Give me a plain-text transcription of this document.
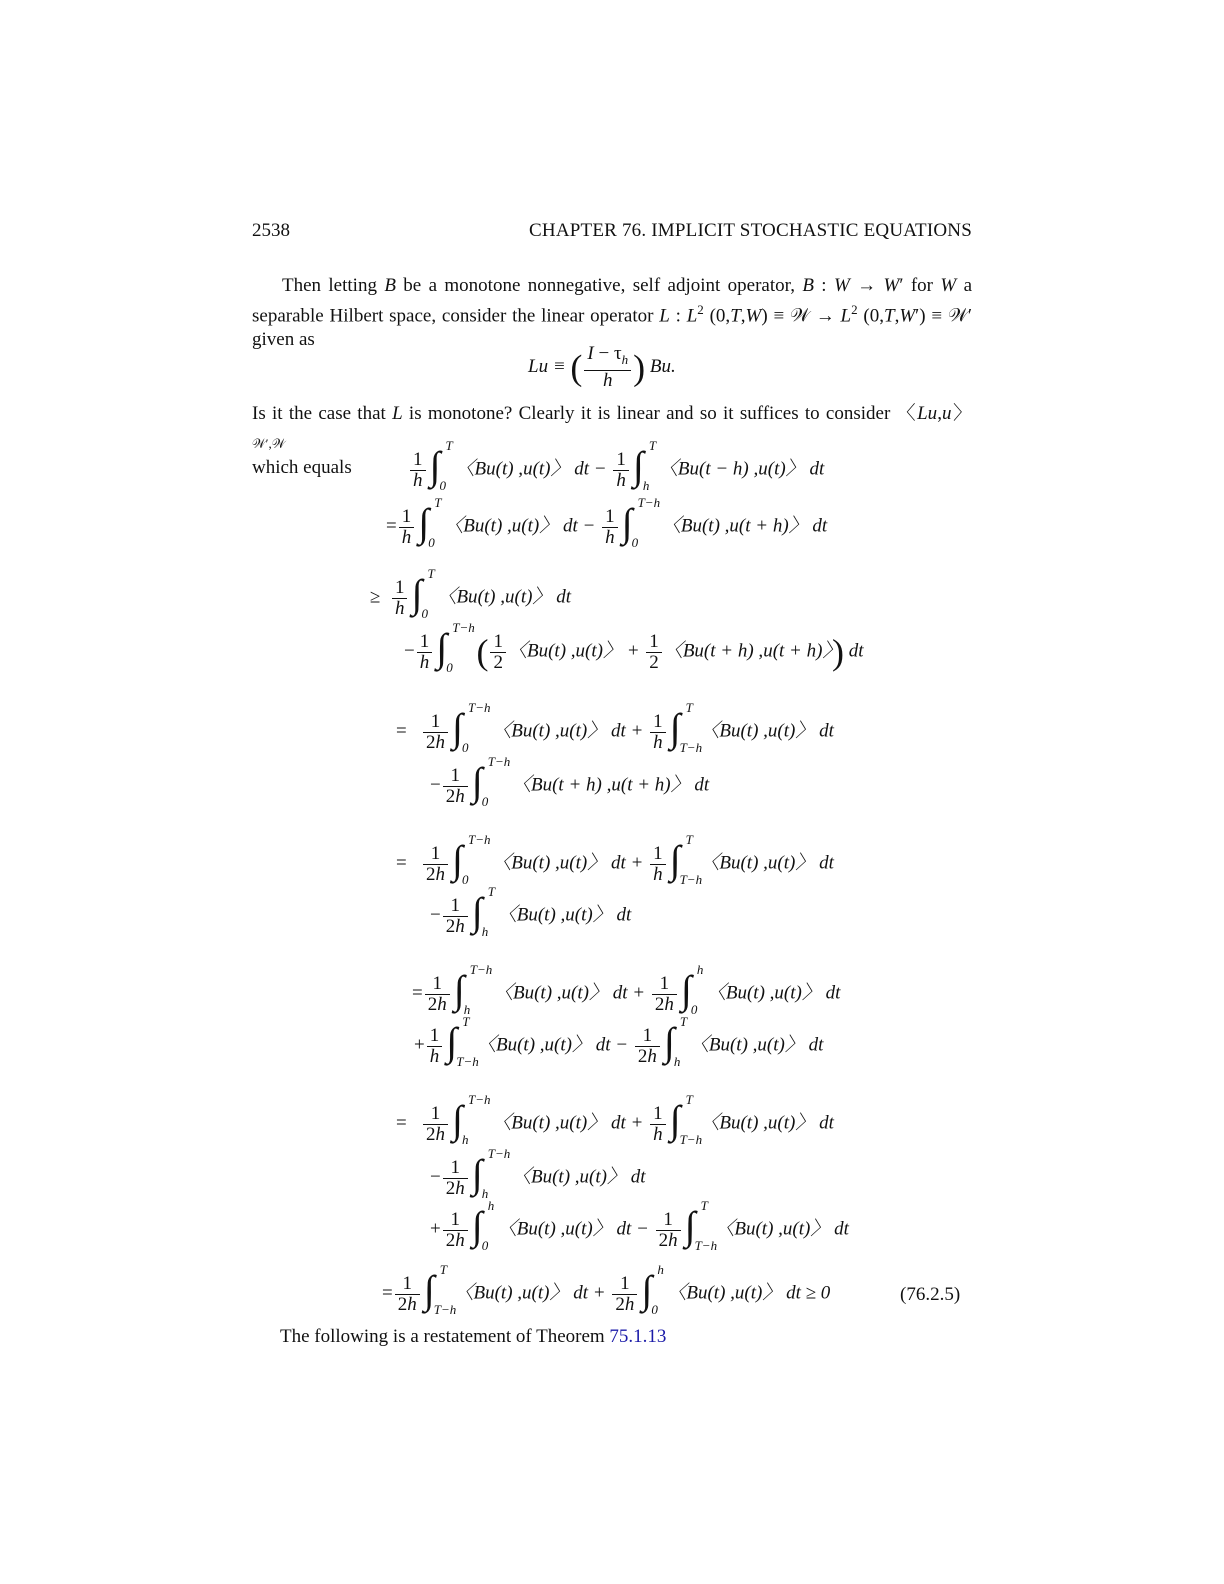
2538	CHAPTER 76. IMPLICIT STOCHASTIC EQUATIONS

Then letting B be a monotone nonnegative, self adjoint operator, B : W → W′ for W a separable Hilbert space, consider the linear operator L : $L^2$ (0,T,W) ≡ 𝒲 → $L^2$ (0,T,W′) ≡ 𝒲′ given as

Lu ≡ ( $\frac{I - \tau_h}{h}$ ) Bu.

Is it the case that L is monotone? Clearly it is linear and so it suffices to consider 〈Lu,u〉$_{𝒲',𝒲}$

which equals	$\frac{1}{h}$ ∫ T
0
〈Bu(t) ,u(t)〉 dt − $\frac{1}{h}$ ∫ T
h
〈Bu(t − h) ,u(t)〉 dt
= $\frac{1}{h}$ ∫ T
0
〈Bu(t) ,u(t)〉 dt − $\frac{1}{h}$ ∫ T−h
0
〈Bu(t) ,u(t + h)〉 dt
≥ $\frac{1}{h}$ ∫ T
0
〈Bu(t) ,u(t)〉 dt
− $\frac{1}{h}$ ∫ T−h
0 ( $\frac{1}{2}$ 〈Bu(t) ,u(t)〉 + $\frac{1}{2}$ 〈Bu(t + h) ,u(t + h)〉) dt
= $\frac{1}{2h}$ ∫ T−h
0
〈Bu(t) ,u(t)〉 dt + $\frac{1}{h}$ ∫ T
T−h
〈Bu(t) ,u(t)〉 dt
− $\frac{1}{2h}$ ∫ T−h
0
〈Bu(t + h) ,u(t + h)〉 dt
= $\frac{1}{2h}$ ∫ T−h
0
〈Bu(t) ,u(t)〉 dt + $\frac{1}{h}$ ∫ T
T−h
〈Bu(t) ,u(t)〉 dt
− $\frac{1}{2h}$ ∫ T
h
〈Bu(t) ,u(t)〉 dt
= $\frac{1}{2h}$ ∫ T−h
h
〈Bu(t) ,u(t)〉 dt + $\frac{1}{2h}$ ∫ h
0
〈Bu(t) ,u(t)〉 dt
+ $\frac{1}{h}$ ∫ T
T−h
〈Bu(t) ,u(t)〉 dt − $\frac{1}{2h}$ ∫ T
h
〈Bu(t) ,u(t)〉 dt
= $\frac{1}{2h}$ ∫ T−h
h
〈Bu(t) ,u(t)〉 dt + $\frac{1}{h}$ ∫ T
T−h
〈Bu(t) ,u(t)〉 dt
− $\frac{1}{2h}$ ∫ T−h
h
〈Bu(t) ,u(t)〉 dt
+ $\frac{1}{2h}$ ∫ h
0
〈Bu(t) ,u(t)〉 dt − $\frac{1}{2h}$ ∫ T
T−h
〈Bu(t) ,u(t)〉 dt
= $\frac{1}{2h}$ ∫ T
T−h
〈Bu(t) ,u(t)〉 dt + $\frac{1}{2h}$ ∫ h
0
〈Bu(t) ,u(t)〉 dt ≥ 0	(76.2.5)
The following is a restatement of Theorem 75.1.13
